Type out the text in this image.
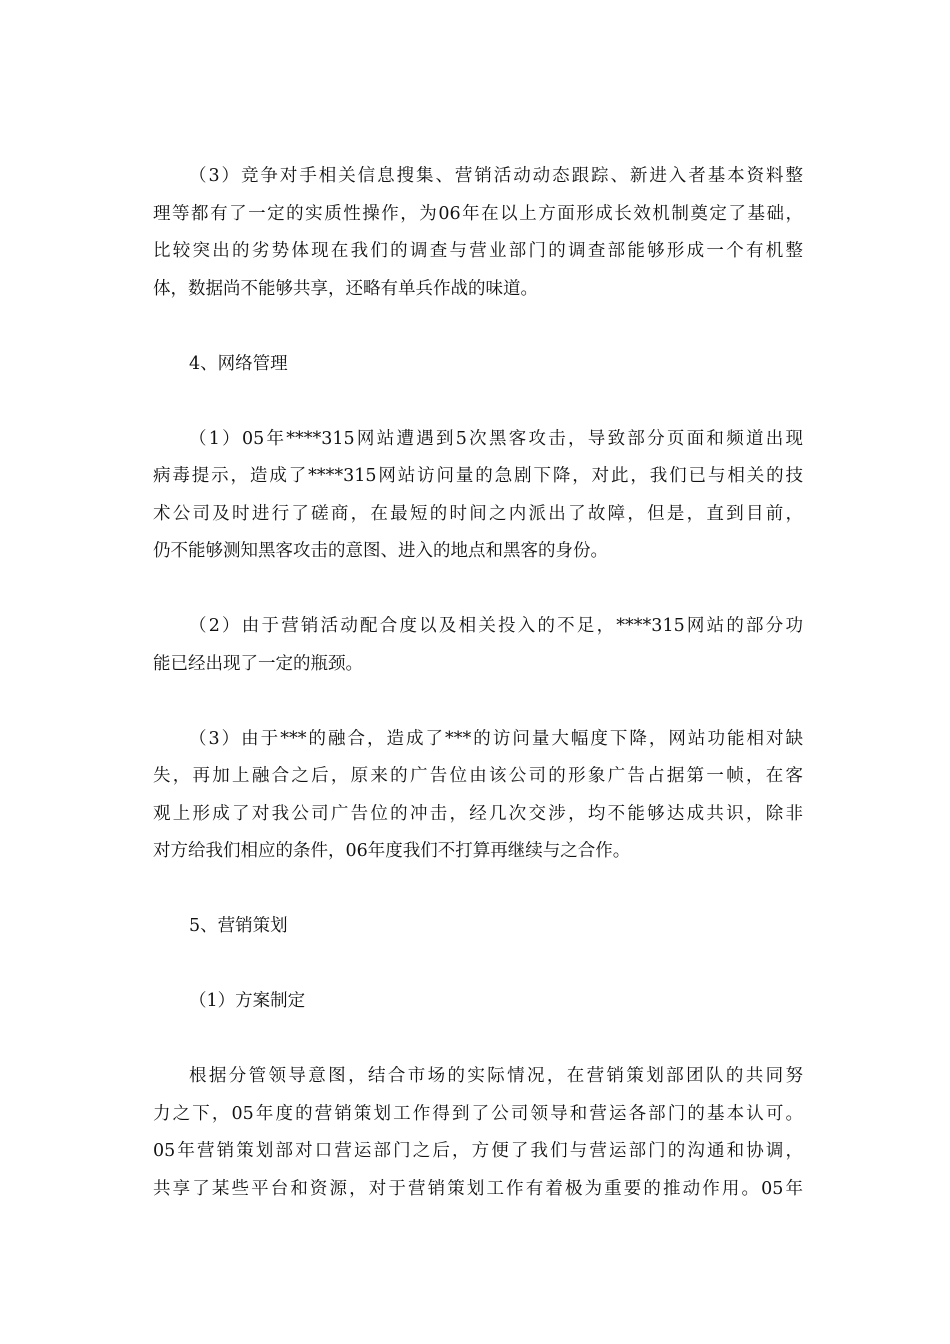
（3）竞争对手相关信息搜集、营销活动动态跟踪、新进入者基本资料整
理等都有了一定的实质性操作，为06年在以上方面形成长效机制奠定了基础，
比较突出的劣势体现在我们的调查与营业部门的调查部能够形成一个有机整
体，数据尚不能够共享，还略有单兵作战的味道。
4、网络管理
（1）05年****315网站遭遇到5次黑客攻击，导致部分页面和频道出现
病毒提示，造成了****315网站访问量的急剧下降，对此，我们已与相关的技
术公司及时进行了磋商，在最短的时间之内派出了故障，但是，直到目前，
仍不能够测知黑客攻击的意图、进入的地点和黑客的身份。
（2）由于营销活动配合度以及相关投入的不足，****315网站的部分功
能已经出现了一定的瓶颈。
（3）由于***的融合，造成了***的访问量大幅度下降，网站功能相对缺
失，再加上融合之后，原来的广告位由该公司的形象广告占据第一帧，在客
观上形成了对我公司广告位的冲击，经几次交涉，均不能够达成共识，除非
对方给我们相应的条件，06年度我们不打算再继续与之合作。
5、营销策划
（1）方案制定
根据分管领导意图，结合市场的实际情况，在营销策划部团队的共同努
力之下，05年度的营销策划工作得到了公司领导和营运各部门的基本认可。
05年营销策划部对口营运部门之后，方便了我们与营运部门的沟通和协调，
共享了某些平台和资源，对于营销策划工作有着极为重要的推动作用。05年
